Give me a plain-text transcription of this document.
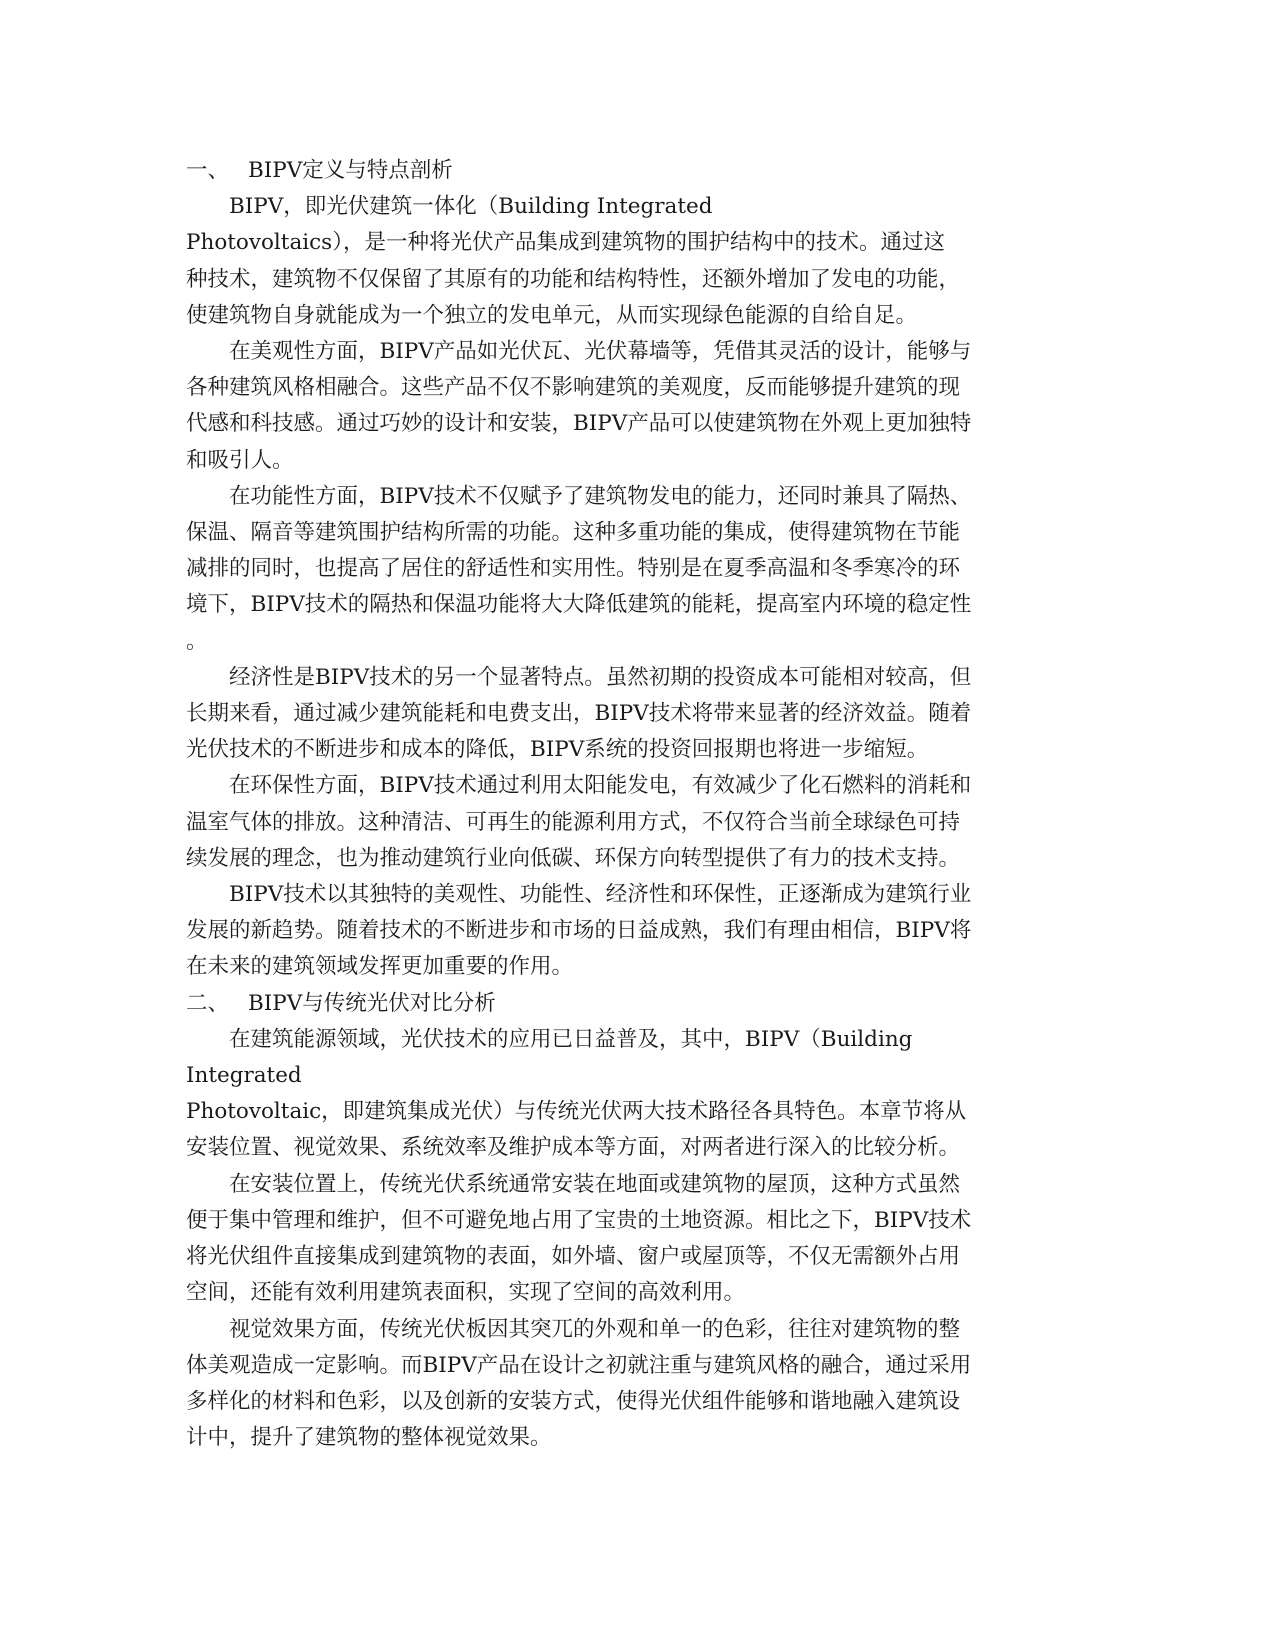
一、 BIPV定义与特点剖析
BIPV，即光伏建筑一体化（Building Integrated
Photovoltaics），是一种将光伏产品集成到建筑物的围护结构中的技术。通过这
种技术，建筑物不仅保留了其原有的功能和结构特性，还额外增加了发电的功能，
使建筑物自身就能成为一个独立的发电单元，从而实现绿色能源的自给自足。
在美观性方面，BIPV产品如光伏瓦、光伏幕墙等，凭借其灵活的设计，能够与
各种建筑风格相融合。这些产品不仅不影响建筑的美观度，反而能够提升建筑的现
代感和科技感。通过巧妙的设计和安装，BIPV产品可以使建筑物在外观上更加独特
和吸引人。
在功能性方面，BIPV技术不仅赋予了建筑物发电的能力，还同时兼具了隔热、
保温、隔音等建筑围护结构所需的功能。这种多重功能的集成，使得建筑物在节能
减排的同时，也提高了居住的舒适性和实用性。特别是在夏季高温和冬季寒冷的环
境下，BIPV技术的隔热和保温功能将大大降低建筑的能耗，提高室内环境的稳定性
。
经济性是BIPV技术的另一个显著特点。虽然初期的投资成本可能相对较高，但
长期来看，通过减少建筑能耗和电费支出，BIPV技术将带来显著的经济效益。随着
光伏技术的不断进步和成本的降低，BIPV系统的投资回报期也将进一步缩短。
在环保性方面，BIPV技术通过利用太阳能发电，有效减少了化石燃料的消耗和
温室气体的排放。这种清洁、可再生的能源利用方式，不仅符合当前全球绿色可持
续发展的理念，也为推动建筑行业向低碳、环保方向转型提供了有力的技术支持。
BIPV技术以其独特的美观性、功能性、经济性和环保性，正逐渐成为建筑行业
发展的新趋势。随着技术的不断进步和市场的日益成熟，我们有理由相信，BIPV将
在未来的建筑领域发挥更加重要的作用。
二、 BIPV与传统光伏对比分析
在建筑能源领域，光伏技术的应用已日益普及，其中，BIPV（Building
Integrated
Photovoltaic，即建筑集成光伏）与传统光伏两大技术路径各具特色。本章节将从
安装位置、视觉效果、系统效率及维护成本等方面，对两者进行深入的比较分析。
在安装位置上，传统光伏系统通常安装在地面或建筑物的屋顶，这种方式虽然
便于集中管理和维护，但不可避免地占用了宝贵的土地资源。相比之下，BIPV技术
将光伏组件直接集成到建筑物的表面，如外墙、窗户或屋顶等，不仅无需额外占用
空间，还能有效利用建筑表面积，实现了空间的高效利用。
视觉效果方面，传统光伏板因其突兀的外观和单一的色彩，往往对建筑物的整
体美观造成一定影响。而BIPV产品在设计之初就注重与建筑风格的融合，通过采用
多样化的材料和色彩，以及创新的安装方式，使得光伏组件能够和谐地融入建筑设
计中，提升了建筑物的整体视觉效果。
